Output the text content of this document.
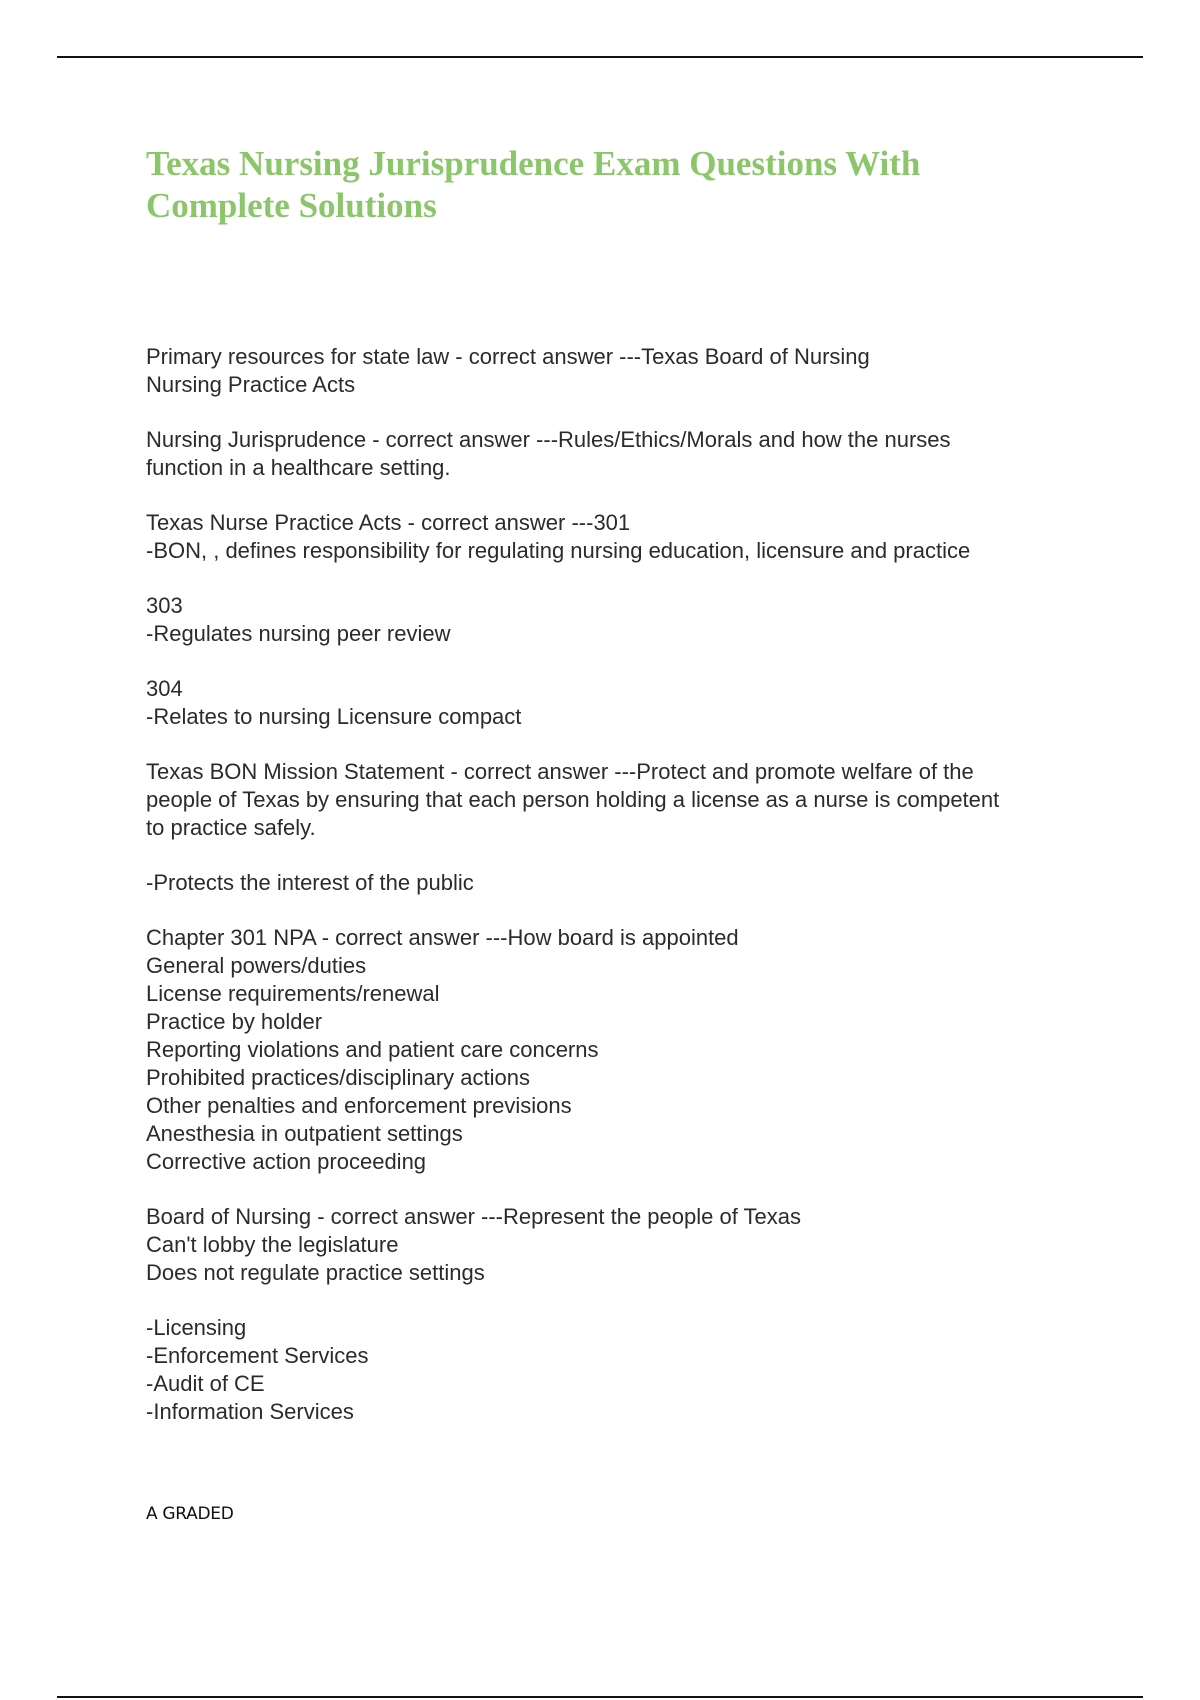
Texas Nursing Jurisprudence Exam Questions With
Complete Solutions
Primary resources for state law - correct answer ---Texas Board of Nursing
Nursing Practice Acts
Nursing Jurisprudence - correct answer ---Rules/Ethics/Morals and how the nurses
function in a healthcare setting.
Texas Nurse Practice Acts - correct answer ---301
-BON, , defines responsibility for regulating nursing education, licensure and practice
303
-Regulates nursing peer review
304
-Relates to nursing Licensure compact
Texas BON Mission Statement - correct answer ---Protect and promote welfare of the
people of Texas by ensuring that each person holding a license as a nurse is competent
to practice safely.
-Protects the interest of the public
Chapter 301 NPA - correct answer ---How board is appointed
General powers/duties
License requirements/renewal
Practice by holder
Reporting violations and patient care concerns
Prohibited practices/disciplinary actions
Other penalties and enforcement previsions
Anesthesia in outpatient settings
Corrective action proceeding
Board of Nursing - correct answer ---Represent the people of Texas
Can't lobby the legislature
Does not regulate practice settings
-Licensing
-Enforcement Services
-Audit of CE
-Information Services
A GRADED
